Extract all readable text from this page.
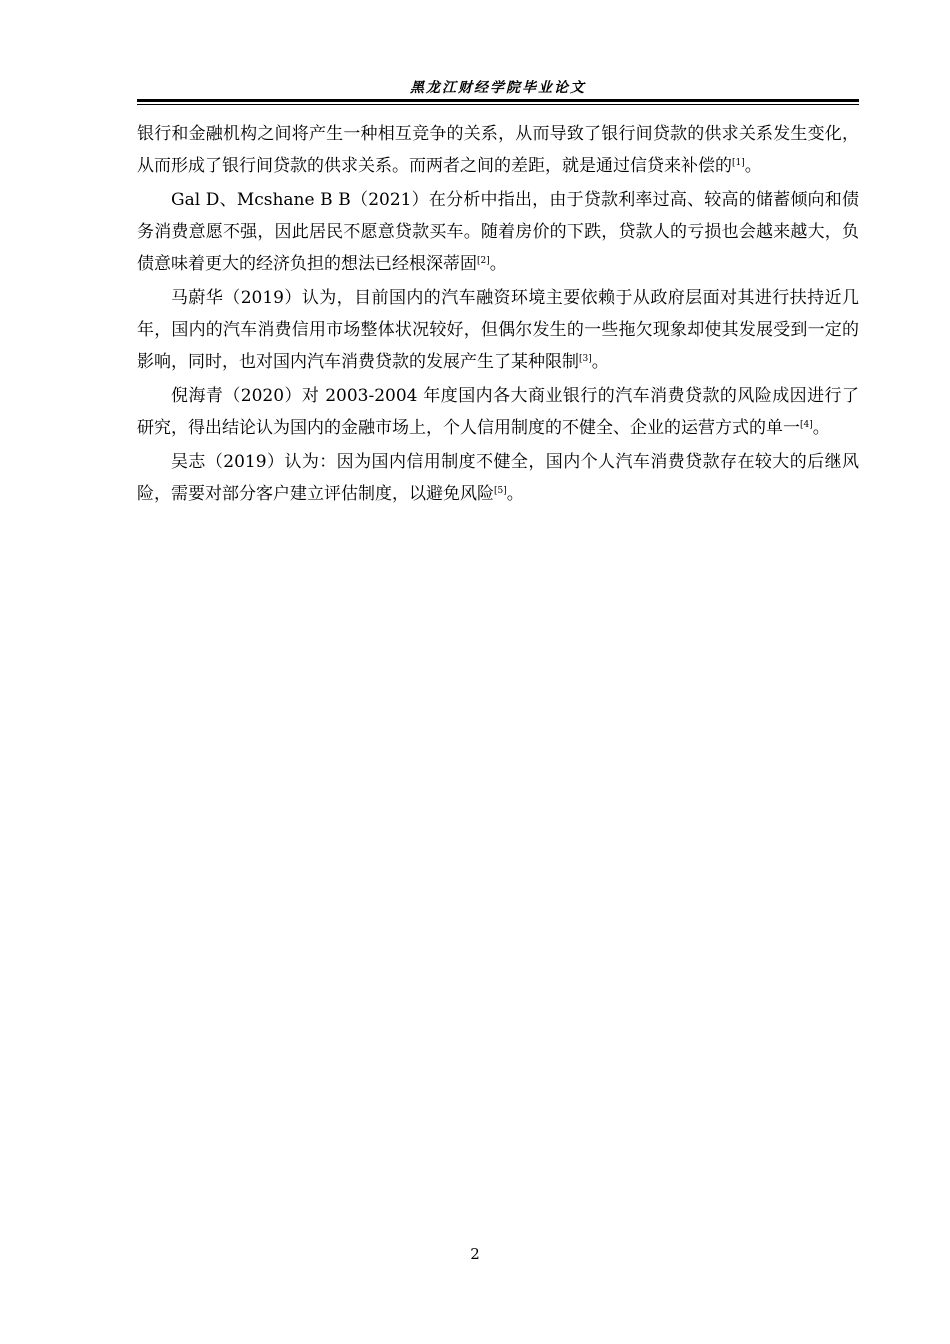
黑龙江财经学院毕业论文

银行和金融机构之间将产生一种相互竞争的关系，从而导致了银行间贷款的供求关系发生变化，从而形成了银行间贷款的供求关系。而两者之间的差距，就是通过信贷来补偿的[1]。

Gal D、Mcshane B B（2021）在分析中指出，由于贷款利率过高、较高的储蓄倾向和债务消费意愿不强，因此居民不愿意贷款买车。随着房价的下跌，贷款人的亏损也会越来越大，负债意味着更大的经济负担的想法已经根深蒂固[2]。

马蔚华（2019）认为，目前国内的汽车融资环境主要依赖于从政府层面对其进行扶持近几年，国内的汽车消费信用市场整体状况较好，但偶尔发生的一些拖欠现象却使其发展受到一定的影响，同时，也对国内汽车消费贷款的发展产生了某种限制[3]。

倪海青（2020）对 2003-2004 年度国内各大商业银行的汽车消费贷款的风险成因进行了研究，得出结论认为国内的金融市场上，个人信用制度的不健全、企业的运营方式的单一[4]。

吴志（2019）认为：因为国内信用制度不健全，国内个人汽车消费贷款存在较大的后继风险，需要对部分客户建立评估制度，以避免风险[5]。

2
